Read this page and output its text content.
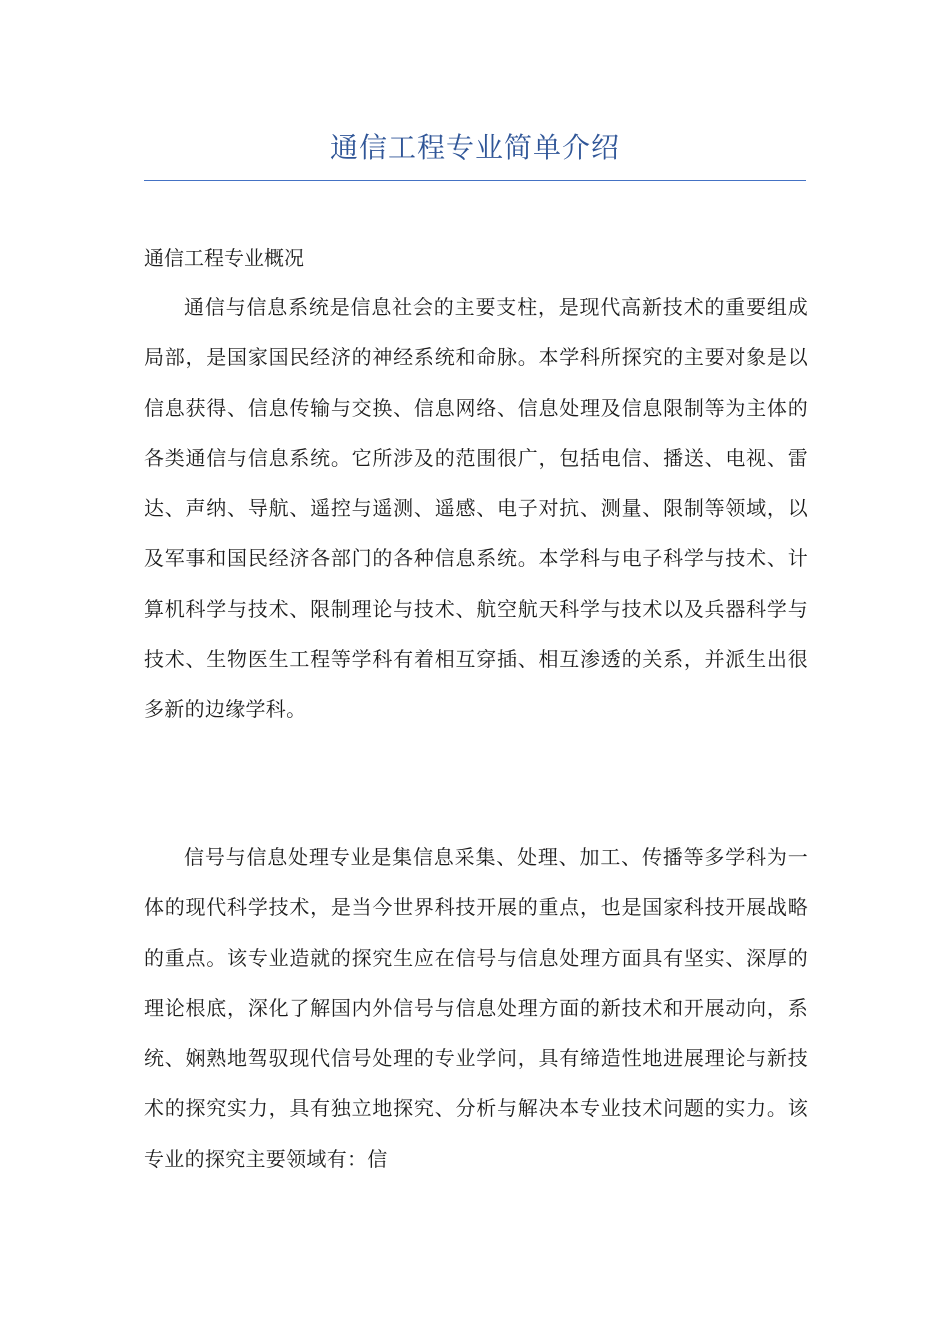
通信工程专业简单介绍
通信工程专业概况

通信与信息系统是信息社会的主要支柱，是现代高新技术的重要组成局部，是国家国民经济的神经系统和命脉。本学科所探究的主要对象是以信息获得、信息传输与交换、信息网络、信息处理及信息限制等为主体的各类通信与信息系统。它所涉及的范围很广，包括电信、播送、电视、雷达、声纳、导航、遥控与遥测、遥感、电子对抗、测量、限制等领域，以及军事和国民经济各部门的各种信息系统。本学科与电子科学与技术、计算机科学与技术、限制理论与技术、航空航天科学与技术以及兵器科学与技术、生物医生工程等学科有着相互穿插、相互渗透的关系，并派生出很多新的边缘学科。

信号与信息处理专业是集信息采集、处理、加工、传播等多学科为一体的现代科学技术，是当今世界科技开展的重点，也是国家科技开展战略的重点。该专业造就的探究生应在信号与信息处理方面具有坚实、深厚的理论根底，深化了解国内外信号与信息处理方面的新技术和开展动向，系统、娴熟地驾驭现代信号处理的专业学问，具有缔造性地进展理论与新技术的探究实力，具有独立地探究、分析与解决本专业技术问题的实力。该专业的探究主要领域有：信
